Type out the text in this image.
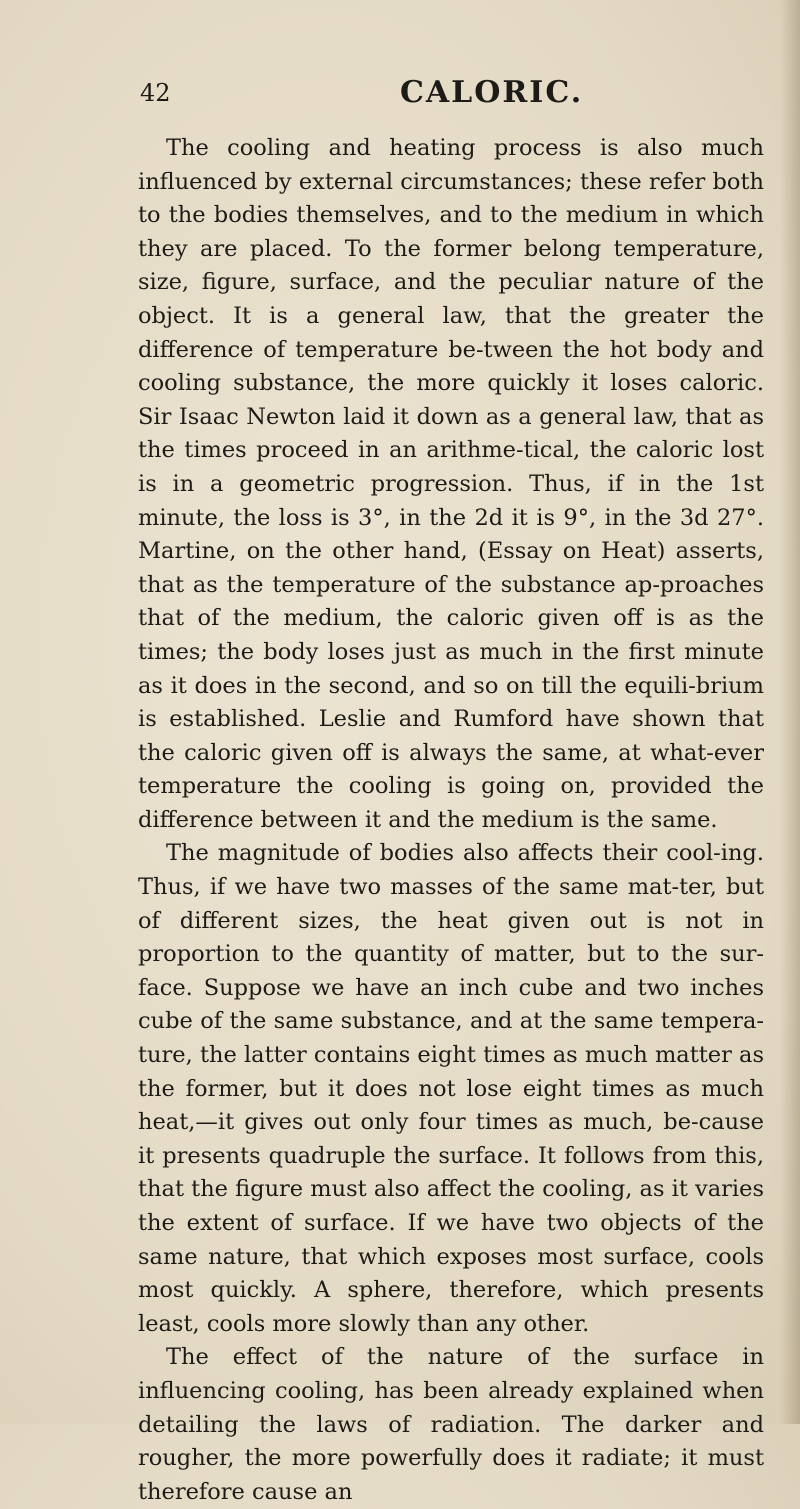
42	CALORIC.

The cooling and heating process is also much influenced by external circumstances; these refer both to the bodies themselves, and to the medium in which they are placed. To the former belong temperature, size, figure, surface, and the peculiar nature of the object. It is a general law, that the greater the difference of temperature be-tween the hot body and cooling substance, the more quickly it loses caloric. Sir Isaac Newton laid it down as a general law, that as the times proceed in an arithme-tical, the caloric lost is in a geometric progression. Thus, if in the 1st minute, the loss is 3°, in the 2d it is 9°, in the 3d 27°. Martine, on the other hand, (Essay on Heat) asserts, that as the temperature of the substance ap-proaches that of the medium, the caloric given off is as the times; the body loses just as much in the first minute as it does in the second, and so on till the equili-brium is established. Leslie and Rumford have shown that the caloric given off is always the same, at what-ever temperature the cooling is going on, provided the difference between it and the medium is the same.

The magnitude of bodies also affects their cool-ing. Thus, if we have two masses of the same mat-ter, but of different sizes, the heat given out is not in proportion to the quantity of matter, but to the sur-face. Suppose we have an inch cube and two inches cube of the same substance, and at the same tempera-ture, the latter contains eight times as much matter as the former, but it does not lose eight times as much heat,—it gives out only four times as much, be-cause it presents quadruple the surface. It follows from this, that the figure must also affect the cooling, as it varies the extent of surface. If we have two objects of the same nature, that which exposes most surface, cools most quickly. A sphere, therefore, which presents least, cools more slowly than any other.

The effect of the nature of the surface in influencing cooling, has been already explained when detailing the laws of radiation. The darker and rougher, the more powerfully does it radiate; it must therefore cause an
